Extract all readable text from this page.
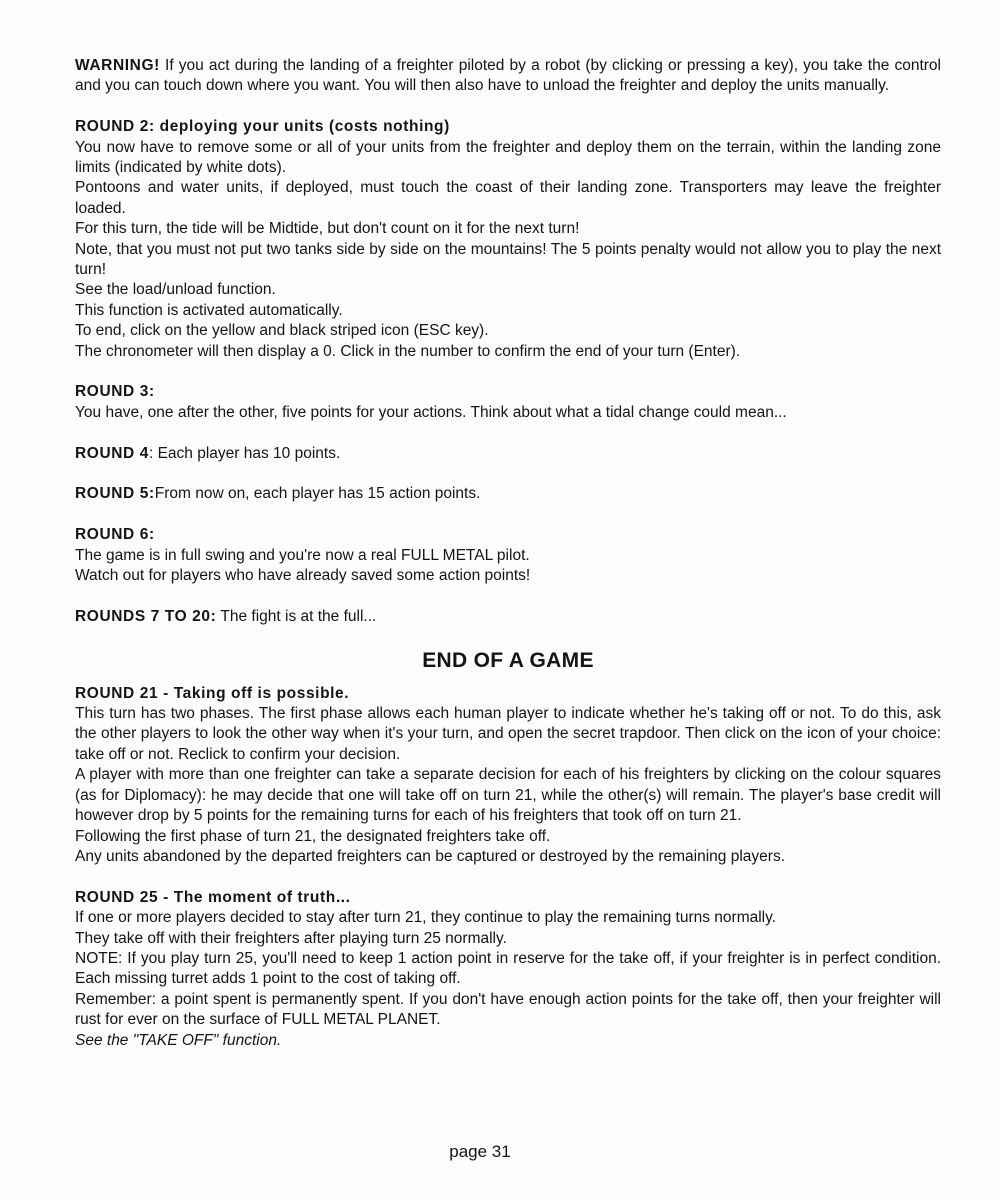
WARNING! If you act during the landing of a freighter piloted by a robot (by clicking or pressing a key), you take the control and you can touch down where you want. You will then also have to unload the freighter and deploy the units manually.

ROUND 2: deploying your units (costs nothing)
You now have to remove some or all of your units from the freighter and deploy them on the terrain, within the landing zone limits (indicated by white dots).
Pontoons and water units, if deployed, must touch the coast of their landing zone. Transporters may leave the freighter loaded.
For this turn, the tide will be Midtide, but don't count on it for the next turn!
Note, that you must not put two tanks side by side on the mountains! The 5 points penalty would not allow you to play the next turn!
See the load/unload function.
This function is activated automatically.
To end, click on the yellow and black striped icon (ESC key).
The chronometer will then display a 0. Click in the number to confirm the end of your turn (Enter).
ROUND 3:
You have, one after the other, five points for your actions. Think about what a tidal change could mean...

ROUND 4: Each player has 10 points.

ROUND 5:From now on, each player has 15 action points.

ROUND 6:
The game is in full swing and you're now a real FULL METAL pilot.
Watch out for players who have already saved some action points!

ROUNDS 7 TO 20: The fight is at the full...

END OF A GAME
ROUND 21 - Taking off is possible.
This turn has two phases. The first phase allows each human player to indicate whether he's taking off or not. To do this, ask the other players to look the other way when it's your turn, and open the secret trapdoor. Then click on the icon of your choice: take off or not. Reclick to confirm your decision.
A player with more than one freighter can take a separate decision for each of his freighters by clicking on the colour squares (as for Diplomacy): he may decide that one will take off on turn 21, while the other(s) will remain. The player's base credit will however drop by 5 points for the remaining turns for each of his freighters that took off on turn 21.
Following the first phase of turn 21, the designated freighters take off.
Any units abandoned by the departed freighters can be captured or destroyed by the remaining players.
ROUND 25 - The moment of truth...
If one or more players decided to stay after turn 21, they continue to play the remaining turns normally.
They take off with their freighters after playing turn 25 normally.
NOTE: If you play turn 25, you'll need to keep 1 action point in reserve for the take off, if your freighter is in perfect condition. Each missing turret adds 1 point to the cost of taking off.
Remember: a point spent is permanently spent. If you don't have enough action points for the take off, then your freighter will rust for ever on the surface of FULL METAL PLANET.
See the "TAKE OFF" function.
page 31
